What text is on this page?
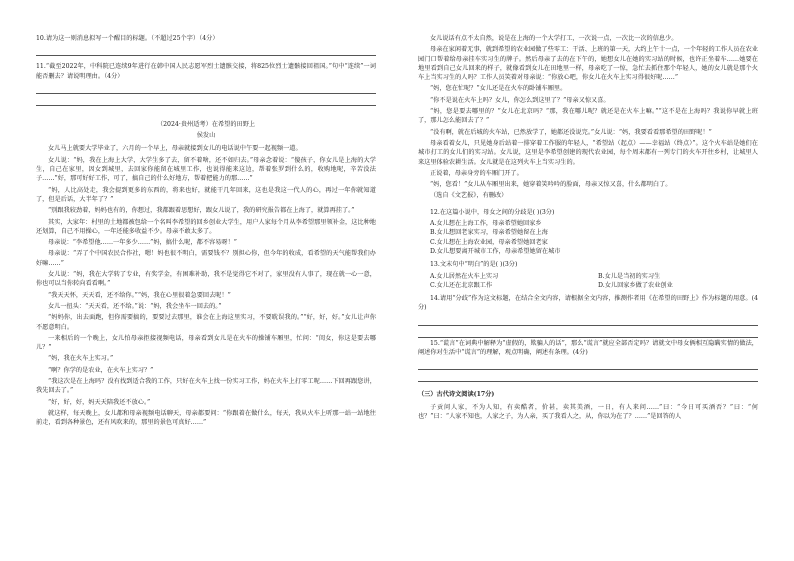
10.请为这一则消息拟写一个醒目的标题。（不超过25个字）（4分）

11.“截至2022年，中科院已连续9年进行在韩中国人民志愿军烈士遗骸交接，将825位烈士遗骸接回祖国。”句中“连续”一词能否删去？请说明理由。（4分）

（2024·贵州适考）在希望的田野上
侯发山

女儿马上就要大学毕业了，六月的一个早上，母亲就接到女儿的电话说中午要一起视频一道。

女儿说：“妈，我在上海上大学，大学生多了去，留不着啥，还不如归去。”母亲念着说：“傻孩子，你女儿是上海的大学生，自己在家里，因女到城里，去回家你能留在城里工作，也说得能来这边，帮着张罗到什么的，收购地呢，辛苦没法子……”好，那可好好工作，可了，搞自己的什么好地方，帮着把能力的那……”

“妈，人比高处走，我会提到更多的东西的，将来也好，就能干几年回来，这也是我这一代人的心，再过一年你就知道了，但是后话，大半年了？”

“别跟我较劲着，妈妈也有的，你想过，我都跟着思想好，跟女儿说了，我的研究报告都在上海了，就算再挂了。”

其实，大家年：村里的土地都被包给一个名叫李希望的回乡创业大学生，用户人家每个月从李希望那里领补金，这比种地还划算，自己不用操心，一年还能多收益不少。母亲不敢太多了。

母亲说：“李希望他……一年多少……”妈，搞什么呢，都不容易呀！”

母亲说：“弄了个中国农民合作社，嗯！妈也很不明白，需要钱不？别担心你，但今年的收成，看希望的天气能帮我们办好嘛……”

女儿说：“妈，我在大学转了专业，有奖学金，有困难补助，我不是觉得它不对了，家里没有人事了，现在就一心一意，你也可以当你转向看看啊。”

“我天天怀，天天看，还不给你。”“妈，我在心里很着急要回去呢！”

女儿一扭头：“天天看，还不给。”说：“妈，我会坐车一回去的。”

“妈妈你，出去面跑，但你需要搞的，要要过去那里，谁会在上海这里实习，不要耽误我的。”“好，好，好。”女儿让声你不愿意明白。

一来相后的一个晚上，女儿怕母亲拒接视频电话，母亲看到女儿是在火车的操铺车厢里，忙问：“闺女，你这是要去哪儿？”

“妈，我在火车上实习。”

“啊？你学的是农业，在火车上实习？”

“我这次是在上海吗？没有找到适合我的工作，只好在火车上找一份实习工作，妈在火车上打零工呢……下回再跟您讲，我先回去了。”

“好，好，好，妈天天陪我还不放心。”

就这样，每天晚上，女儿都和母亲视频电话聊天，母亲都要问：“你跟着在做什么，每天，我从火车上听那一站一站地往前走，看到各种景色，还有风吹来的，那里的景色可真好……”

女儿说话有点不太自然，说是在上海的一个大学打工，一次说一点，一次比一次的信息少。

母亲在家闲着无事，就到希望的农业园做了些零工：干活、上班的第一天，大约上午十一点，一个年轻的工作人员在农业园门口帮着给母亲挂车实习生的牌子。然后母亲了去的在下午的，她想女儿在她的实习站的时候，也许正坐着车……她要在地里看到自己女儿回来的样子，就像看到女儿在田地里一样，母亲吃了一惊，急忙去抓住那个年轻人，她的女儿就是那个火车上当实习生的人吗？工作人员笑着对母亲说：“你放心吧，你女儿在火车上实习得很好呢……”

“妈，您在忙呢？”女儿还是在火车的卧铺车厢里。

“你不是说在火车上吗？女儿，你怎么到这里了？”母亲又惊又喜。

“妈，您是要去哪里的？”女儿在北京吗？“那，我在哪儿呢？就还是在火车上嘛。”“这不是在上海吗？我说你早就上班了，那儿怎么能回去了？”

“没有啊，就在后城的火车站，已然放学了，她都还没说完。”女儿说：“妈，我要看看那希望的田野呢！”

母亲看着女儿，只见她身后站着一排穿着工作服的年轻人，“希望站（起点）——幸福站（终点）”。这个火车站是她们在城市打工的女儿们的实习站。女儿说，这里是李希望创建的现代农业园，每个周末都有一列专门的火车开往乡村，让城里人来这里体验农耕生活。女儿就是在这列火车上当实习生的。

正说着，母亲身旁的车厢门开了。

“妈，您看！”女儿从车厢里出来，她穿着笑吟吟的脸面，母亲又惊又喜，什么都明白了。

（选自《文艺报》，有删改）

12.在这篇小说中，母女之间的分歧是( )(3分)

A.女儿想在上海工作，母亲希望她回家乡
B.女儿想回老家实习，母亲希望她留在上海
C.女儿想在上海农业园，母亲希望她回老家
D.女儿想要离开城市工作，母亲希望她留在城市

13.文末句中“明白”的是( )(3分)

A.女儿居然在火车上实习	B.女儿是当初的实习生
C.女儿还在北京跟工作	D.女儿回家乡做了农业创业

14.请用“分歧”作为这文标题，在结合全文内容，请根据全文内容，推测作者用《在希望的田野上》作为标题的用意。(4分)

15.“谎言”在词典中解释为“虚假的，欺骗人的话”，那么“谎言”就应全部否定吗？请就文中母女俩相互隐瞒实情的做法，阐述你对生活中“谎言”的理解，观点明确，阐述有条理。(4分)

（三）古代诗文阅读(17分)

子贡问人家，不为人知，有卖酷者，价甚，卖其美酒，一日，有人来问……”曰：“今日可买酒否？”曰：“何也？”曰：“人家不知也，人家之子，为人亲，买了我看人之，从，你以为在了？……”是回答的人
